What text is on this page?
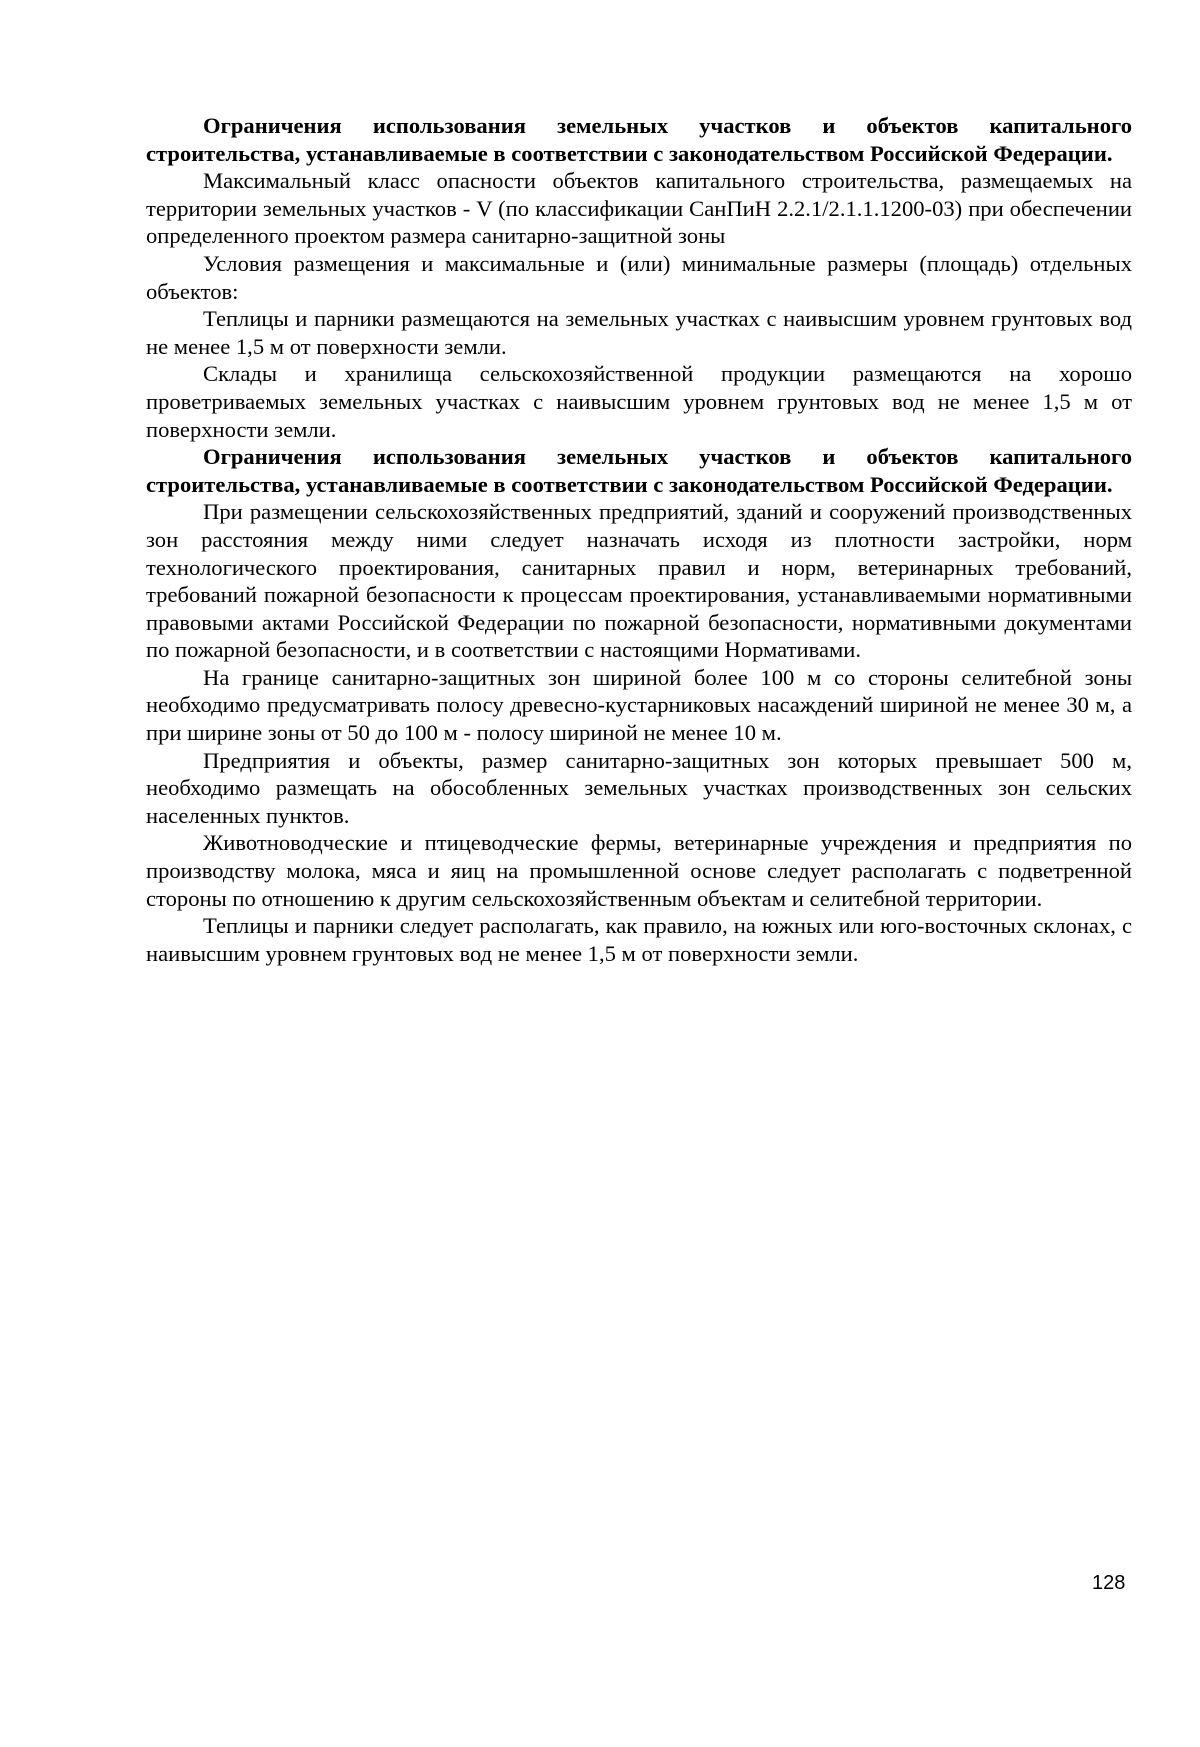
Ограничения использования земельных участков и объектов капитального строительства, устанавливаемые в соответствии с законодательством Российской Федерации.

Максимальный класс опасности объектов капитального строительства, размещаемых на территории земельных участков - V (по классификации СанПиН 2.2.1/2.1.1.1200-03) при обеспечении определенного проектом размера санитарно-защитной зоны

Условия размещения и максимальные и (или) минимальные размеры (площадь) отдельных объектов:

Теплицы и парники размещаются на земельных участках с наивысшим уровнем грунтовых вод не менее 1,5 м от поверхности земли.

Склады и хранилища сельскохозяйственной продукции размещаются на хорошо проветриваемых земельных участках с наивысшим уровнем грунтовых вод не менее 1,5 м от поверхности земли.

Ограничения использования земельных участков и объектов капитального строительства, устанавливаемые в соответствии с законодательством Российской Федерации.

При размещении сельскохозяйственных предприятий, зданий и сооружений производственных зон расстояния между ними следует назначать исходя из плотности застройки, норм технологического проектирования, санитарных правил и норм, ветеринарных требований, требований пожарной безопасности к процессам проектирования, устанавливаемыми нормативными правовыми актами Российской Федерации по пожарной безопасности, нормативными документами по пожарной безопасности, и в соответствии с настоящими Нормативами.

На границе санитарно-защитных зон шириной более 100 м со стороны селитебной зоны необходимо предусматривать полосу древесно-кустарниковых насаждений шириной не менее 30 м, а при ширине зоны от 50 до 100 м - полосу шириной не менее 10 м.

Предприятия и объекты, размер санитарно-защитных зон которых превышает 500 м, необходимо размещать на обособленных земельных участках производственных зон сельских населенных пунктов.

Животноводческие и птицеводческие фермы, ветеринарные учреждения и предприятия по производству молока, мяса и яиц на промышленной основе следует располагать с подветренной стороны по отношению к другим сельскохозяйственным объектам и селитебной территории.

Теплицы и парники следует располагать, как правило, на южных или юго-восточных склонах, с наивысшим уровнем грунтовых вод не менее 1,5 м от поверхности земли.

128
